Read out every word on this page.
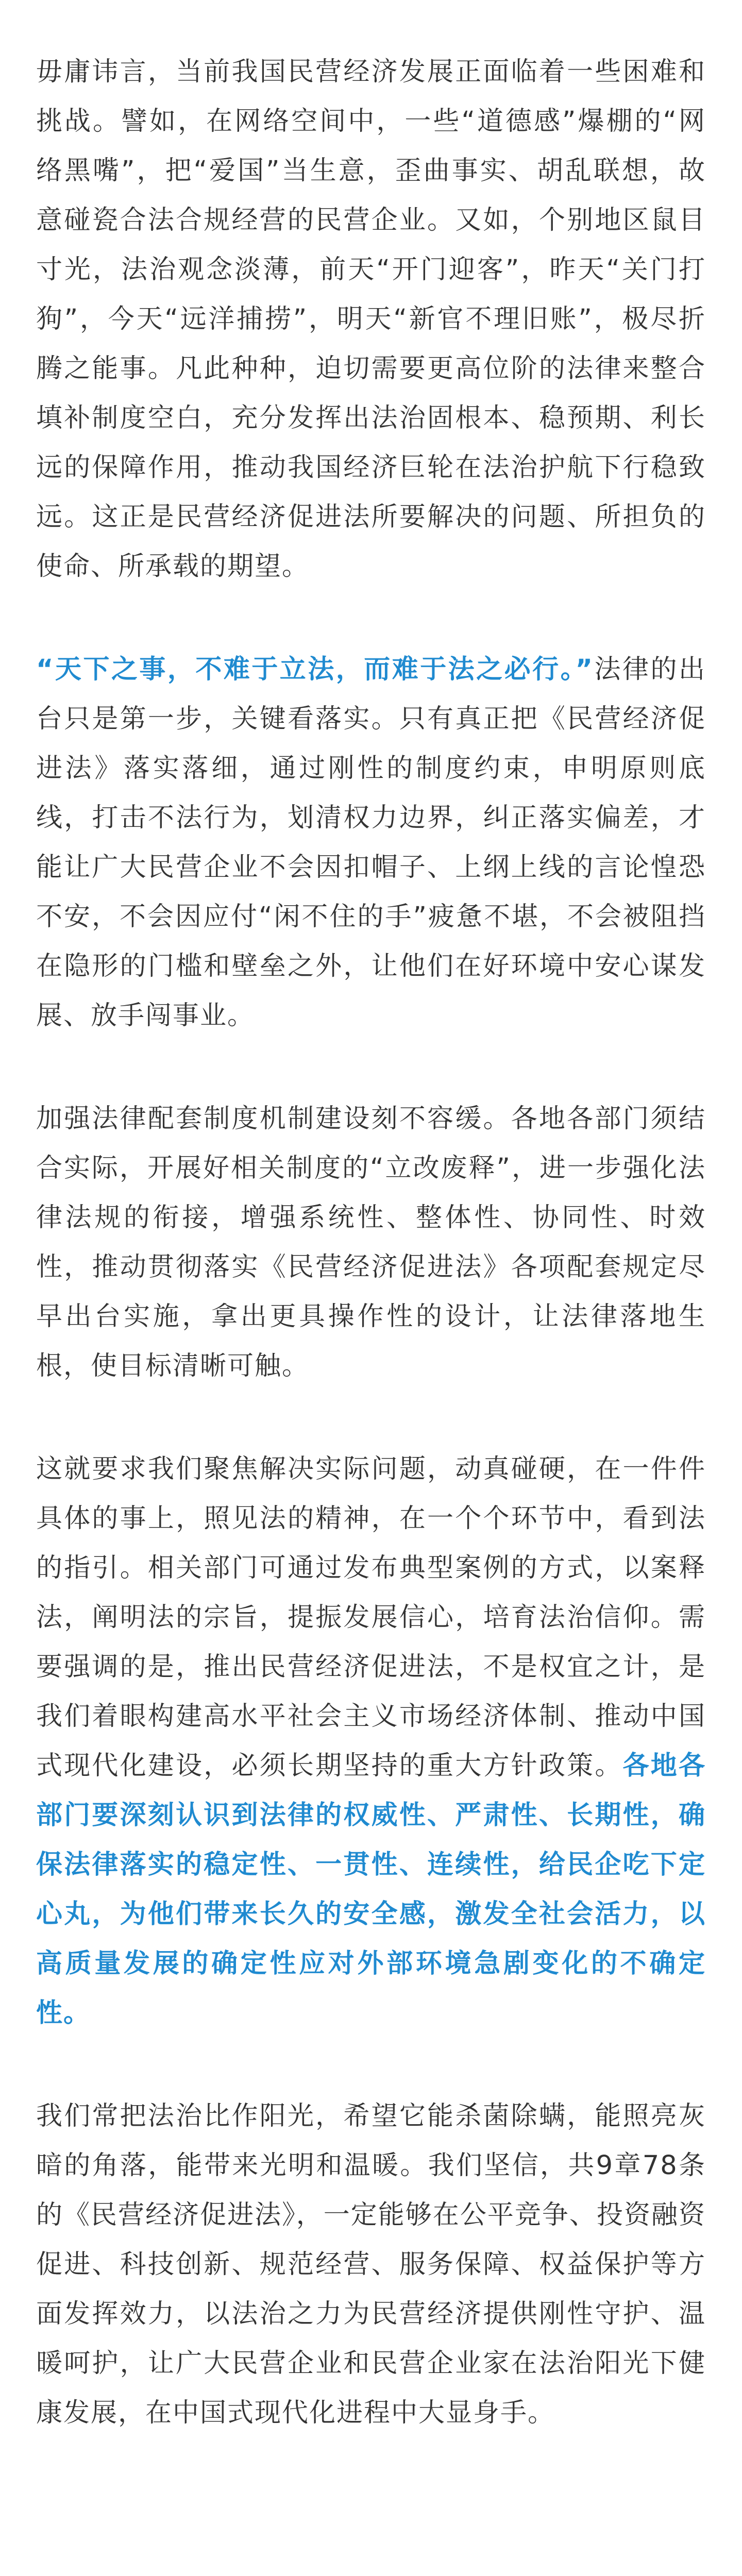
毋庸讳言，当前我国民营经济发展正面临着一些困难和挑战。譬如，在网络空间中，一些“道德感”爆棚的“网络黑嘴”，把“爱国”当生意，歪曲事实、胡乱联想，故意碰瓷合法合规经营的民营企业。又如，个别地区鼠目寸光，法治观念淡薄，前天“开门迎客”，昨天“关门打狗”，今天“远洋捕捞”，明天“新官不理旧账”，极尽折腾之能事。凡此种种，迫切需要更高位阶的法律来整合填补制度空白，充分发挥出法治固根本、稳预期、利长远的保障作用，推动我国经济巨轮在法治护航下行稳致远。这正是民营经济促进法所要解决的问题、所担负的使命、所承载的期望。

“天下之事，不难于立法，而难于法之必行。”法律的出台只是第一步，关键看落实。只有真正把《民营经济促进法》落实落细，通过刚性的制度约束，申明原则底线，打击不法行为，划清权力边界，纠正落实偏差，才能让广大民营企业不会因扣帽子、上纲上线的言论惶恐不安，不会因应付“闲不住的手”疲惫不堪，不会被阻挡在隐形的门槛和壁垒之外，让他们在好环境中安心谋发展、放手闯事业。

加强法律配套制度机制建设刻不容缓。各地各部门须结合实际，开展好相关制度的“立改废释”，进一步强化法律法规的衔接，增强系统性、整体性、协同性、时效性，推动贯彻落实《民营经济促进法》各项配套规定尽早出台实施，拿出更具操作性的设计，让法律落地生根，使目标清晰可触。

这就要求我们聚焦解决实际问题，动真碰硬，在一件件具体的事上，照见法的精神，在一个个环节中，看到法的指引。相关部门可通过发布典型案例的方式，以案释法，阐明法的宗旨，提振发展信心，培育法治信仰。需要强调的是，推出民营经济促进法，不是权宜之计，是我们着眼构建高水平社会主义市场经济体制、推动中国式现代化建设，必须长期坚持的重大方针政策。各地各部门要深刻认识到法律的权威性、严肃性、长期性，确保法律落实的稳定性、一贯性、连续性，给民企吃下定心丸，为他们带来长久的安全感，激发全社会活力，以高质量发展的确定性应对外部环境急剧变化的不确定性。

我们常把法治比作阳光，希望它能杀菌除螨，能照亮灰暗的角落，能带来光明和温暖。我们坚信，共9章78条的《民营经济促进法》，一定能够在公平竞争、投资融资促进、科技创新、规范经营、服务保障、权益保护等方面发挥效力，以法治之力为民营经济提供刚性守护、温暖呵护，让广大民营企业和民营企业家在法治阳光下健康发展，在中国式现代化进程中大显身手。
